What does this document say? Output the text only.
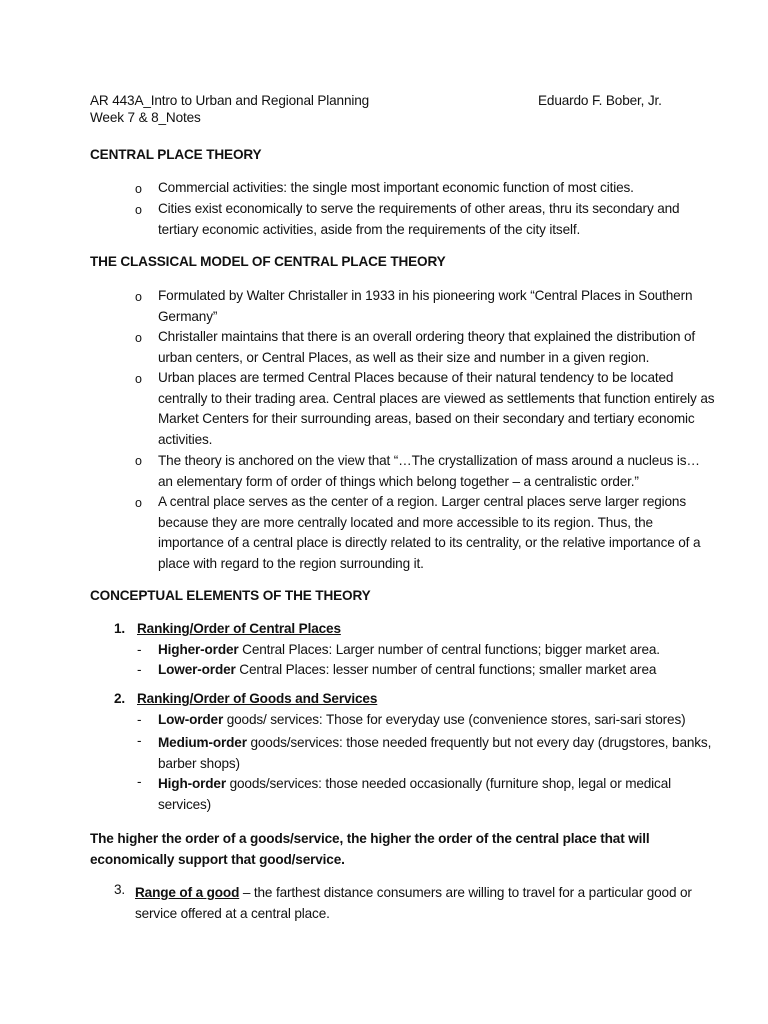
AR 443A_Intro to Urban and Regional Planning
Week 7 & 8_Notes
Eduardo F. Bober, Jr.
CENTRAL PLACE THEORY
o Commercial activities: the single most important economic function of most cities.
o Cities exist economically to serve the requirements of other areas, thru its secondary and
tertiary economic activities, aside from the requirements of the city itself.
THE CLASSICAL MODEL OF CENTRAL PLACE THEORY
o Formulated by Walter Christaller in 1933 in his pioneering work “Central Places in Southern
Germany”
o Christaller maintains that there is an overall ordering theory that explained the distribution of
urban centers, or Central Places, as well as their size and number in a given region.
o Urban places are termed Central Places because of their natural tendency to be located
centrally to their trading area. Central places are viewed as settlements that function entirely as
Market Centers for their surrounding areas, based on their secondary and tertiary economic
activities.
o The theory is anchored on the view that “…The crystallization of mass around a nucleus is…
an elementary form of order of things which belong together – a centralistic order.”
o A central place serves as the center of a region. Larger central places serve larger regions
because they are more centrally located and more accessible to its region. Thus, the
importance of a central place is directly related to its centrality, or the relative importance of a
place with regard to the region surrounding it.
CONCEPTUAL ELEMENTS OF THE THEORY
1. Ranking/Order of Central Places
- Higher-order Central Places: Larger number of central functions; bigger market area.
- Lower-order Central Places: lesser number of central functions; smaller market area
2. Ranking/Order of Goods and Services
- Low-order goods/ services: Those for everyday use (convenience stores, sari-sari stores)
- Medium-order goods/services: those needed frequently but not every day (drugstores, banks,
barber shops)
- High-order goods/services: those needed occasionally (furniture shop, legal or medical
services)
The higher the order of a goods/service, the higher the order of the central place that will
economically support that good/service.
3. Range of a good – the farthest distance consumers are willing to travel for a particular good or
service offered at a central place.
